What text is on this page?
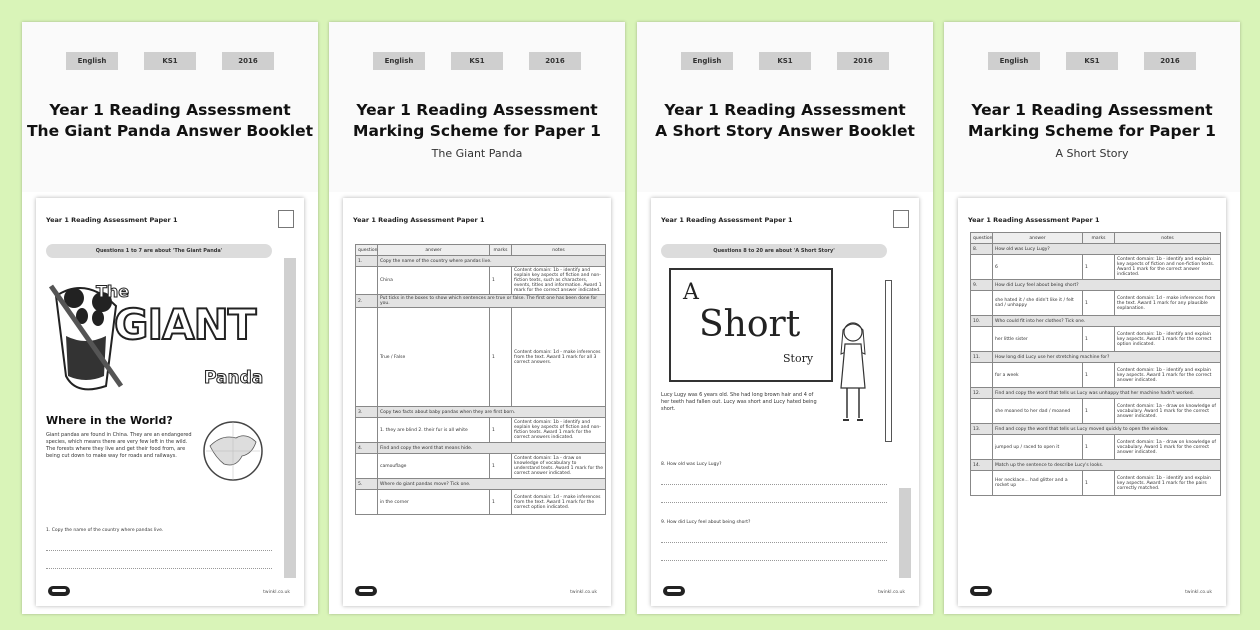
English	KS1	2016
Year 1 Reading Assessment
The Giant Panda Answer Booklet
Year 1 Reading Assessment Paper 1
Questions 1 to 7 are about 'The Giant Panda'
The
GIANT
Panda
Where in the World?
Giant pandas are found in China. They are an endangered species, which means there are very few left in the wild. The forests where they live and get their food from, are being cut down to make way for roads and railways.
1. Copy the name of the country where pandas live.
twinkl.co.uk
English	KS1	2016
Year 1 Reading Assessment
Marking Scheme for Paper 1
The Giant Panda
Year 1 Reading Assessment Paper 1
question	answer	marks	notes
1.	Copy the name of the country where pandas live.		
	China	1	Content domain: 1b - identify and explain key aspects of fiction and non-fiction texts, such as characters, events, titles and information. Award 1 mark for the correct answer indicated.
2.	Put ticks in the boxes to show which sentences are true or false. The first one has been done for you.		
	True / False	1	Content domain: 1d - make inferences from the text. Award 1 mark for all 3 correct answers.
3.	Copy two facts about baby pandas when they are first born.		
	1. they are blind 2. their fur is all white	1	Content domain: 1b - identify and explain key aspects of fiction and non-fiction texts. Award 1 mark for the correct answers indicated.
4.	Find and copy the word that means hide.		
	camouflage	1	Content domain: 1a - draw on knowledge of vocabulary to understand texts. Award 1 mark for the correct answer indicated.
5.	Where do giant pandas move? Tick one.		
	in the corner	1	Content domain: 1d - make inferences from the text. Award 1 mark for the correct option indicated.
twinkl.co.uk
English	KS1	2016
Year 1 Reading Assessment
A Short Story Answer Booklet
Year 1 Reading Assessment Paper 1
Questions 8 to 20 are about 'A Short Story'
A
Short
Story
Lucy Lugy was 6 years old. She had long brown hair and 4 of her teeth had fallen out. Lucy was short and Lucy hated being short.
8. How old was Lucy Lugy?
9. How did Lucy feel about being short?
twinkl.co.uk
English	KS1	2016
Year 1 Reading Assessment
Marking Scheme for Paper 1
A Short Story
Year 1 Reading Assessment Paper 1
question	answer	marks	notes
8.	How old was Lucy Lugy?		
	6	1	Content domain: 1b - identify and explain key aspects of fiction and non-fiction texts. Award 1 mark for the correct answer indicated.
9.	How did Lucy feel about being short?		
	she hated it / she didn't like it / felt sad / unhappy	1	Content domain: 1d - make inferences from the text. Award 1 mark for any plausible explanation.
10.	Who could fit into her clothes? Tick one.		
	her little sister	1	Content domain: 1b - identify and explain key aspects. Award 1 mark for the correct option indicated.
11.	How long did Lucy use her stretching machine for?		
	for a week	1	Content domain: 1b - identify and explain key aspects. Award 1 mark for the correct answer indicated.
12.	Find and copy the word that tells us Lucy was unhappy that her machine hadn't worked.		
	she moaned to her dad / moaned	1	Content domain: 1a - draw on knowledge of vocabulary. Award 1 mark for the correct answer indicated.
13.	Find and copy the word that tells us Lucy moved quickly to open the window.		
	jumped up / raced to open it	1	Content domain: 1a - draw on knowledge of vocabulary. Award 1 mark for the correct answer indicated.
14.	Match up the sentence to describe Lucy's looks.		
	Her necklace... had glitter and a rocket up	1	Content domain: 1b - identify and explain key aspects. Award 1 mark for the pairs correctly matched.
twinkl.co.uk
